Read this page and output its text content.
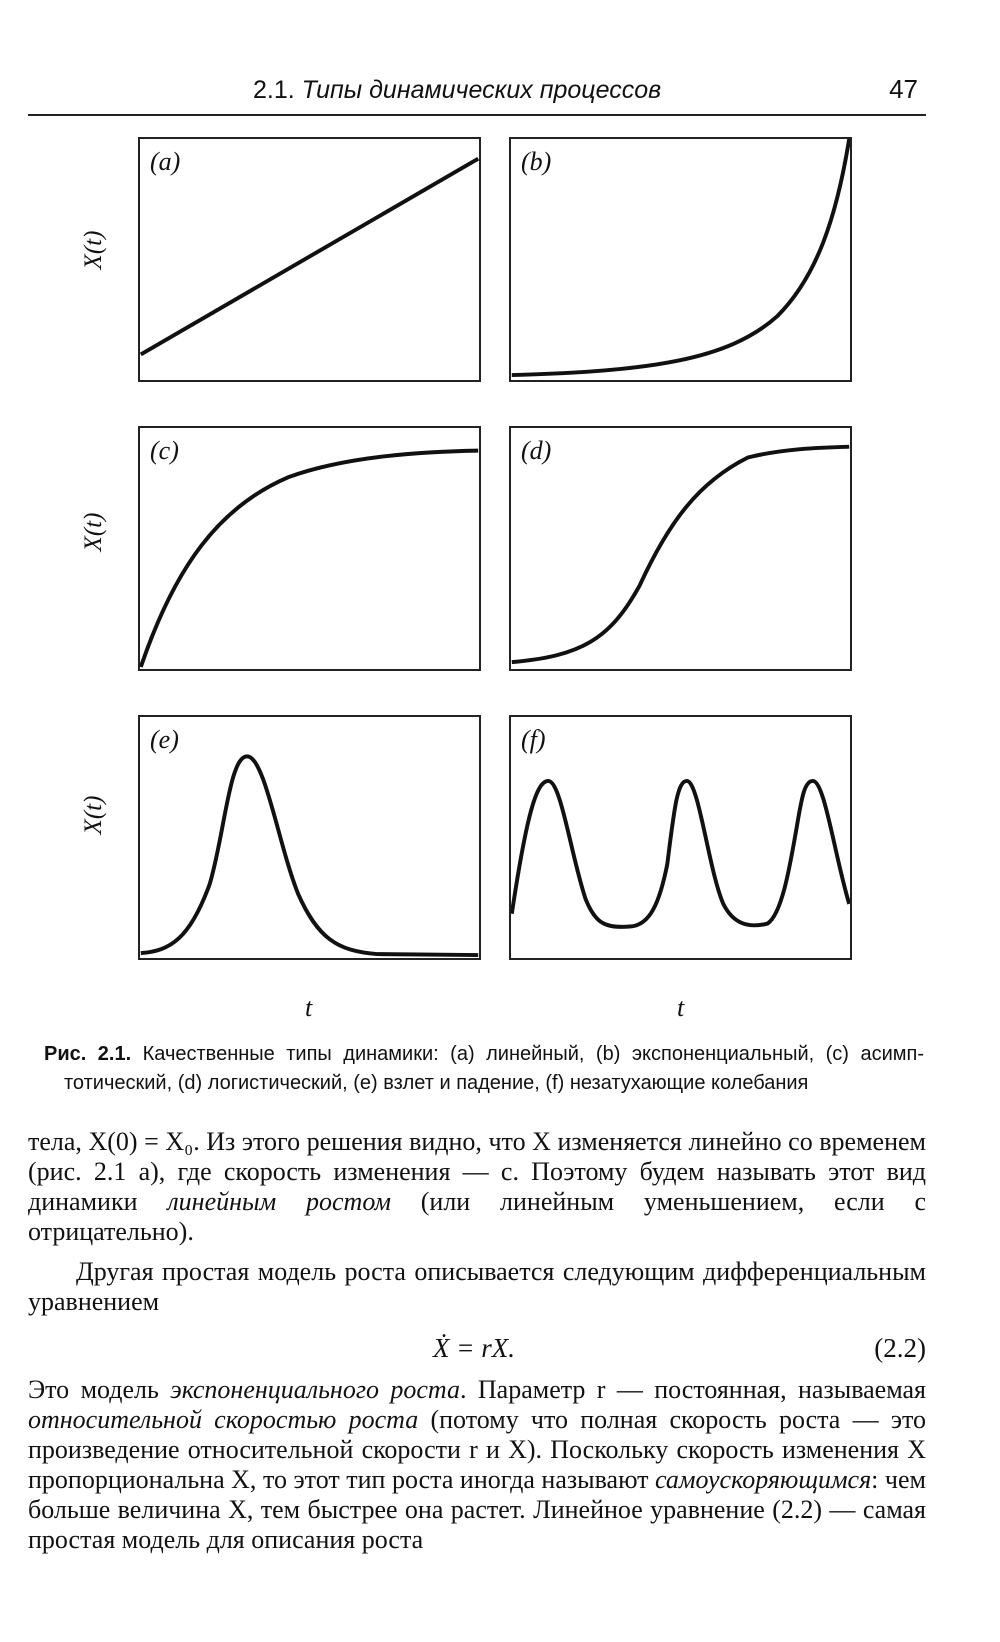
2.1. Типы динамических процессов	47
X(t)
X(t)
X(t)
(a)	(b)
(c)	(d)
(e)	(f)
t	t
Рис. 2.1. Качественные типы динамики: (a) линейный, (b) экспоненциальный, (c) асимп-
тотический, (d) логистический, (e) взлет и падение, (f) незатухающие колебания
тела, X(0) = X₀. Из этого решения видно, что X изменяется линейно со временем (рис. 2.1 a), где скорость изменения — c. Поэтому будем называть этот вид динамики линейным ростом (или линейным уменьшением, если c отрицательно).
Другая простая модель роста описывается следующим дифференциальным уравнением
Ẋ = rX.	(2.2)
Это модель экспоненциального роста. Параметр r — постоянная, называемая относительной скоростью роста (потому что полная скорость роста — это произведение относительной скорости r и X). Поскольку скорость изменения X пропорциональна X, то этот тип роста иногда называют самоускоряющимся: чем больше величина X, тем быстрее она растет. Линейное уравнение (2.2) — самая простая модель для описания роста
